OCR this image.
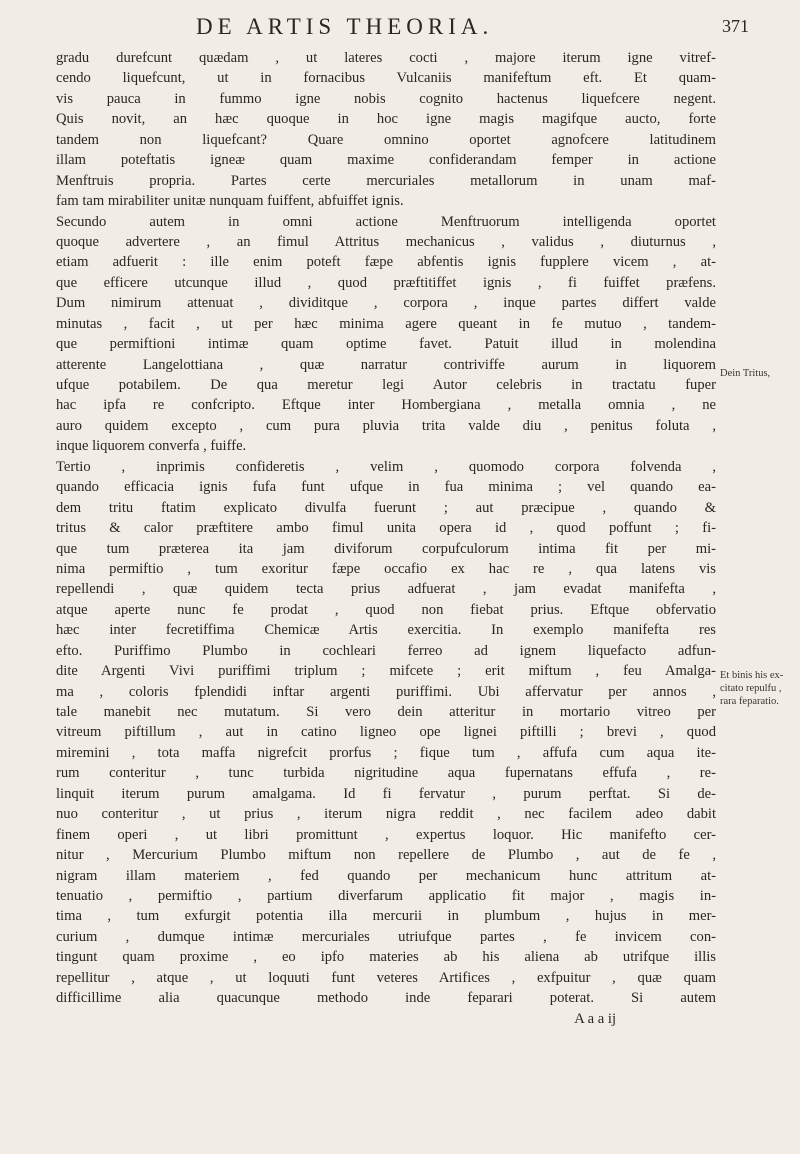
DE ARTIS THEORIA.	371
gradu durefcunt quædam , ut lateres cocti , majore iterum igne vitref-
cendo liquefcunt, ut in fornacibus Vulcaniis manifeftum eft. Et quam-
vis pauca in fummo igne nobis cognito hactenus liquefcere negent.
Quis novit, an hæc quoque in hoc igne magis magifque aucto, forte
tandem non liquefcant? Quare omnino oportet agnofcere latitudinem
illam poteftatis igneæ quam maxime confiderandam femper in actione
Menftruis propria. Partes certe mercuriales metallorum in unam maf-
fam tam mirabiliter unitæ nunquam fuiffent, abfuiffet ignis.
Secundo autem in omni actione Menftruorum intelligenda oportet
quoque advertere , an fimul Attritus mechanicus , validus , diuturnus ,
etiam adfuerit : ille enim poteft fæpe abfentis ignis fupplere vicem , at-
que efficere utcunque illud , quod præftitiffet ignis , fi fuiffet præfens.
Dum nimirum attenuat , dividitque , corpora , inque partes differt valde
minutas , facit , ut per hæc minima agere queant in fe mutuo , tandem-
que permiftioni intimæ quam optime favet. Patuit illud in molendina
atterente Langelottiana , quæ narratur contriviffe aurum in liquorem
ufque potabilem. De qua meretur legi Autor celebris in tractatu fuper
hac ipfa re confcripto. Eftque inter Hombergiana , metalla omnia , ne
auro quidem excepto , cum pura pluvia trita valde diu , penitus foluta ,
inque liquorem converfa , fuiffe.
Tertio , inprimis confideretis , velim , quomodo corpora folvenda ,
quando efficacia ignis fufa funt ufque in fua minima ; vel quando ea-
dem tritu ftatim explicato divulfa fuerunt ; aut præcipue , quando &
tritus & calor præftitere ambo fimul unita opera id , quod poffunt ; fi-
que tum præterea ita jam diviforum corpufculorum intima fit per mi-
nima permiftio , tum exoritur fæpe occafio ex hac re , qua latens vis
repellendi , quæ quidem tecta prius adfuerat , jam evadat manifefta ,
atque aperte nunc fe prodat , quod non fiebat prius. Eftque obfervatio
hæc inter fecretiffima Chemicæ Artis exercitia. In exemplo manifefta res
efto. Puriffimo Plumbo in cochleari ferreo ad ignem liquefacto adfun-
dite Argenti Vivi puriffimi triplum ; mifcete ; erit miftum , feu Amalga-
ma , coloris fplendidi inftar argenti puriffimi. Ubi affervatur per annos ,
tale manebit nec mutatum. Si vero dein atteritur in mortario vitreo per
vitreum piftillum , aut in catino ligneo ope lignei piftilli ; brevi , quod
miremini , tota maffa nigrefcit prorfus ; fique tum , affufa cum aqua ite-
rum conteritur , tunc turbida nigritudine aqua fupernatans effufa , re-
linquit iterum purum amalgama. Id fi fervatur , purum perftat. Si de-
nuo conteritur , ut prius , iterum nigra reddit , nec facilem adeo dabit
finem operi , ut libri promittunt , expertus loquor. Hic manifefto cer-
nitur , Mercurium Plumbo miftum non repellere de Plumbo , aut de fe ,
nigram illam materiem , fed quando per mechanicum hunc attritum at-
tenuatio , permiftio , partium diverfarum applicatio fit major , magis in-
tima , tum exfurgit potentia illa mercurii in plumbum , hujus in mer-
curium , dumque intimæ mercuriales utriufque partes , fe invicem con-
tingunt quam proxime , eo ipfo materies ab his aliena ab utrifque illis
repellitur , atque , ut loquuti funt veteres Artifices , exfpuitur , quæ quam
difficillime alia quacunque methodo inde feparari poterat. Si autem
A a a ij
Dein Tritus,
Et binis his ex-citato repulfu , rara feparatio.
